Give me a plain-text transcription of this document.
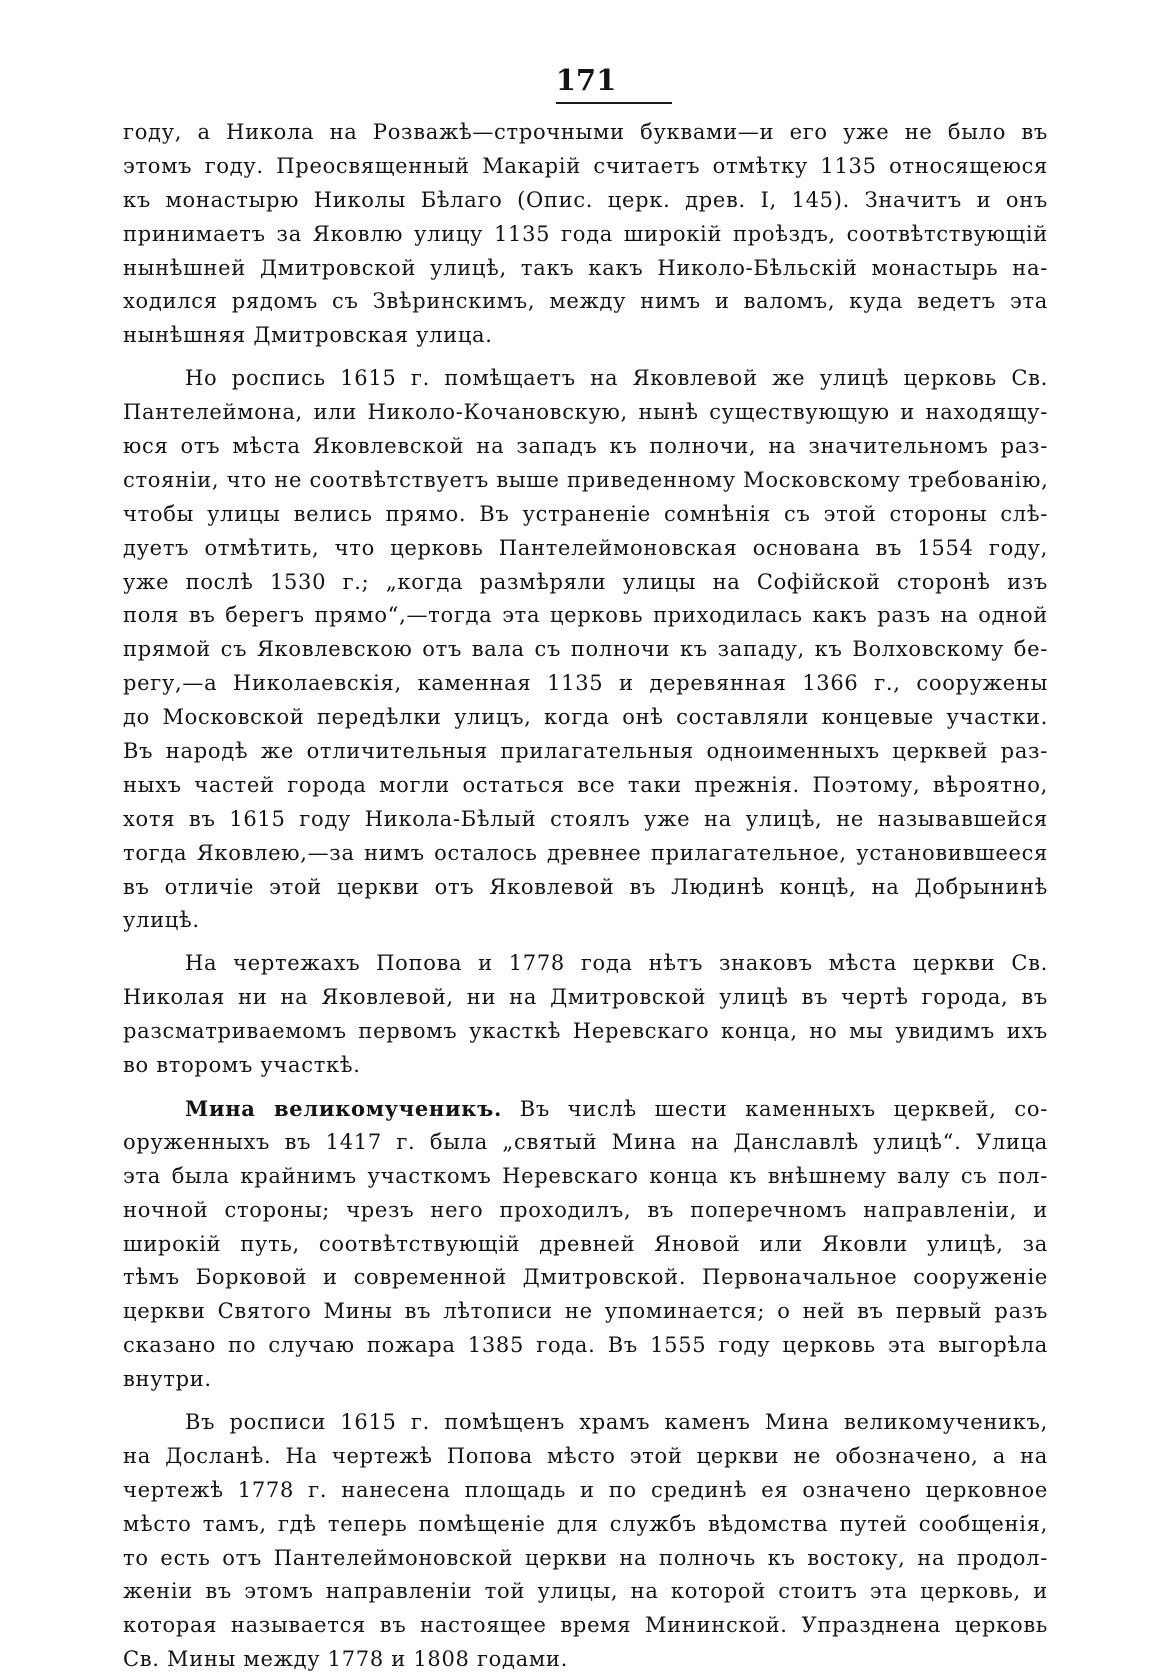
171
году, а Никола на Розважѣ—строчными буквами—и его уже не было въ
этомъ году. Преосвященный Макарій считаетъ отмѣтку 1135 относящеюся
къ монастырю Николы Бѣлаго (Опис. церк. древ. I, 145). Значитъ и онъ
принимаетъ за Яковлю улицу 1135 года широкій проѣздъ, соотвѣтствующій
нынѣшней Дмитровской улицѣ, такъ какъ Николо-Бѣльскій монастырь на-
ходился рядомъ съ Звѣринскимъ, между нимъ и валомъ, куда ведетъ эта
нынѣшняя Дмитровская улица.
Но роспись 1615 г. помѣщаетъ на Яковлевой же улицѣ церковь Св.
Пантелеймона, или Николо-Кочановскую, нынѣ существующую и находящу-
юся отъ мѣста Яковлевской на западъ къ полночи, на значительномъ раз-
стояніи, что не соотвѣтствуетъ выше приведенному Московскому требованію,
чтобы улицы велись прямо. Въ устраненіе сомнѣнія съ этой стороны слѣ-
дуетъ отмѣтить, что церковь Пантелеймоновская основана въ 1554 году,
уже послѣ 1530 г.; „когда размѣряли улицы на Софійской сторонѣ изъ
поля въ берегъ прямо“,—тогда эта церковь приходилась какъ разъ на одной
прямой съ Яковлевскою отъ вала съ полночи къ западу, къ Волховскому бе-
регу,—а Николаевскія, каменная 1135 и деревянная 1366 г., сооружены
до Московской передѣлки улицъ, когда онѣ составляли концевые участки.
Въ народѣ же отличительныя прилагательныя одноименныхъ церквей раз-
ныхъ частей города могли остаться все таки прежнія. Поэтому, вѣроятно,
хотя въ 1615 году Никола-Бѣлый стоялъ уже на улицѣ, не называвшейся
тогда Яковлею,—за нимъ осталось древнее прилагательное, установившееся
въ отличіе этой церкви отъ Яковлевой въ Людинѣ концѣ, на Добрынинѣ
улицѣ.
На чертежахъ Попова и 1778 года нѣтъ знаковъ мѣста церкви Св.
Николая ни на Яковлевой, ни на Дмитровской улицѣ въ чертѣ города, въ
разсматриваемомъ первомъ укасткѣ Неревскаго конца, но мы увидимъ ихъ
во второмъ участкѣ.
Мина великомученикъ. Въ числѣ шести каменныхъ церквей, со-
оруженныхъ въ 1417 г. была „святый Мина на Данславлѣ улицѣ“. Улица
эта была крайнимъ участкомъ Неревскаго конца къ внѣшнему валу съ пол-
ночной стороны; чрезъ него проходилъ, въ поперечномъ направленіи, и
широкій путь, соотвѣтствующій древней Яновой или Яковли улицѣ, за
тѣмъ Борковой и современной Дмитровской. Первоначальное сооруженіе
церкви Святого Мины въ лѣтописи не упоминается; о ней въ первый разъ
сказано по случаю пожара 1385 года. Въ 1555 году церковь эта выгорѣла
внутри.
Въ росписи 1615 г. помѣщенъ храмъ каменъ Мина великомученикъ,
на Досланѣ. На чертежѣ Попова мѣсто этой церкви не обозначено, а на
чертежѣ 1778 г. нанесена площадь и по срединѣ ея означено церковное
мѣсто тамъ, гдѣ теперь помѣщеніе для службъ вѣдомства путей сообщенія,
то есть отъ Пантелеймоновской церкви на полночь къ востоку, на продол-
женіи въ этомъ направленіи той улицы, на которой стоитъ эта церковь, и
которая называется въ настоящее время Мининской. Упразднена церковь
Св. Мины между 1778 и 1808 годами.
